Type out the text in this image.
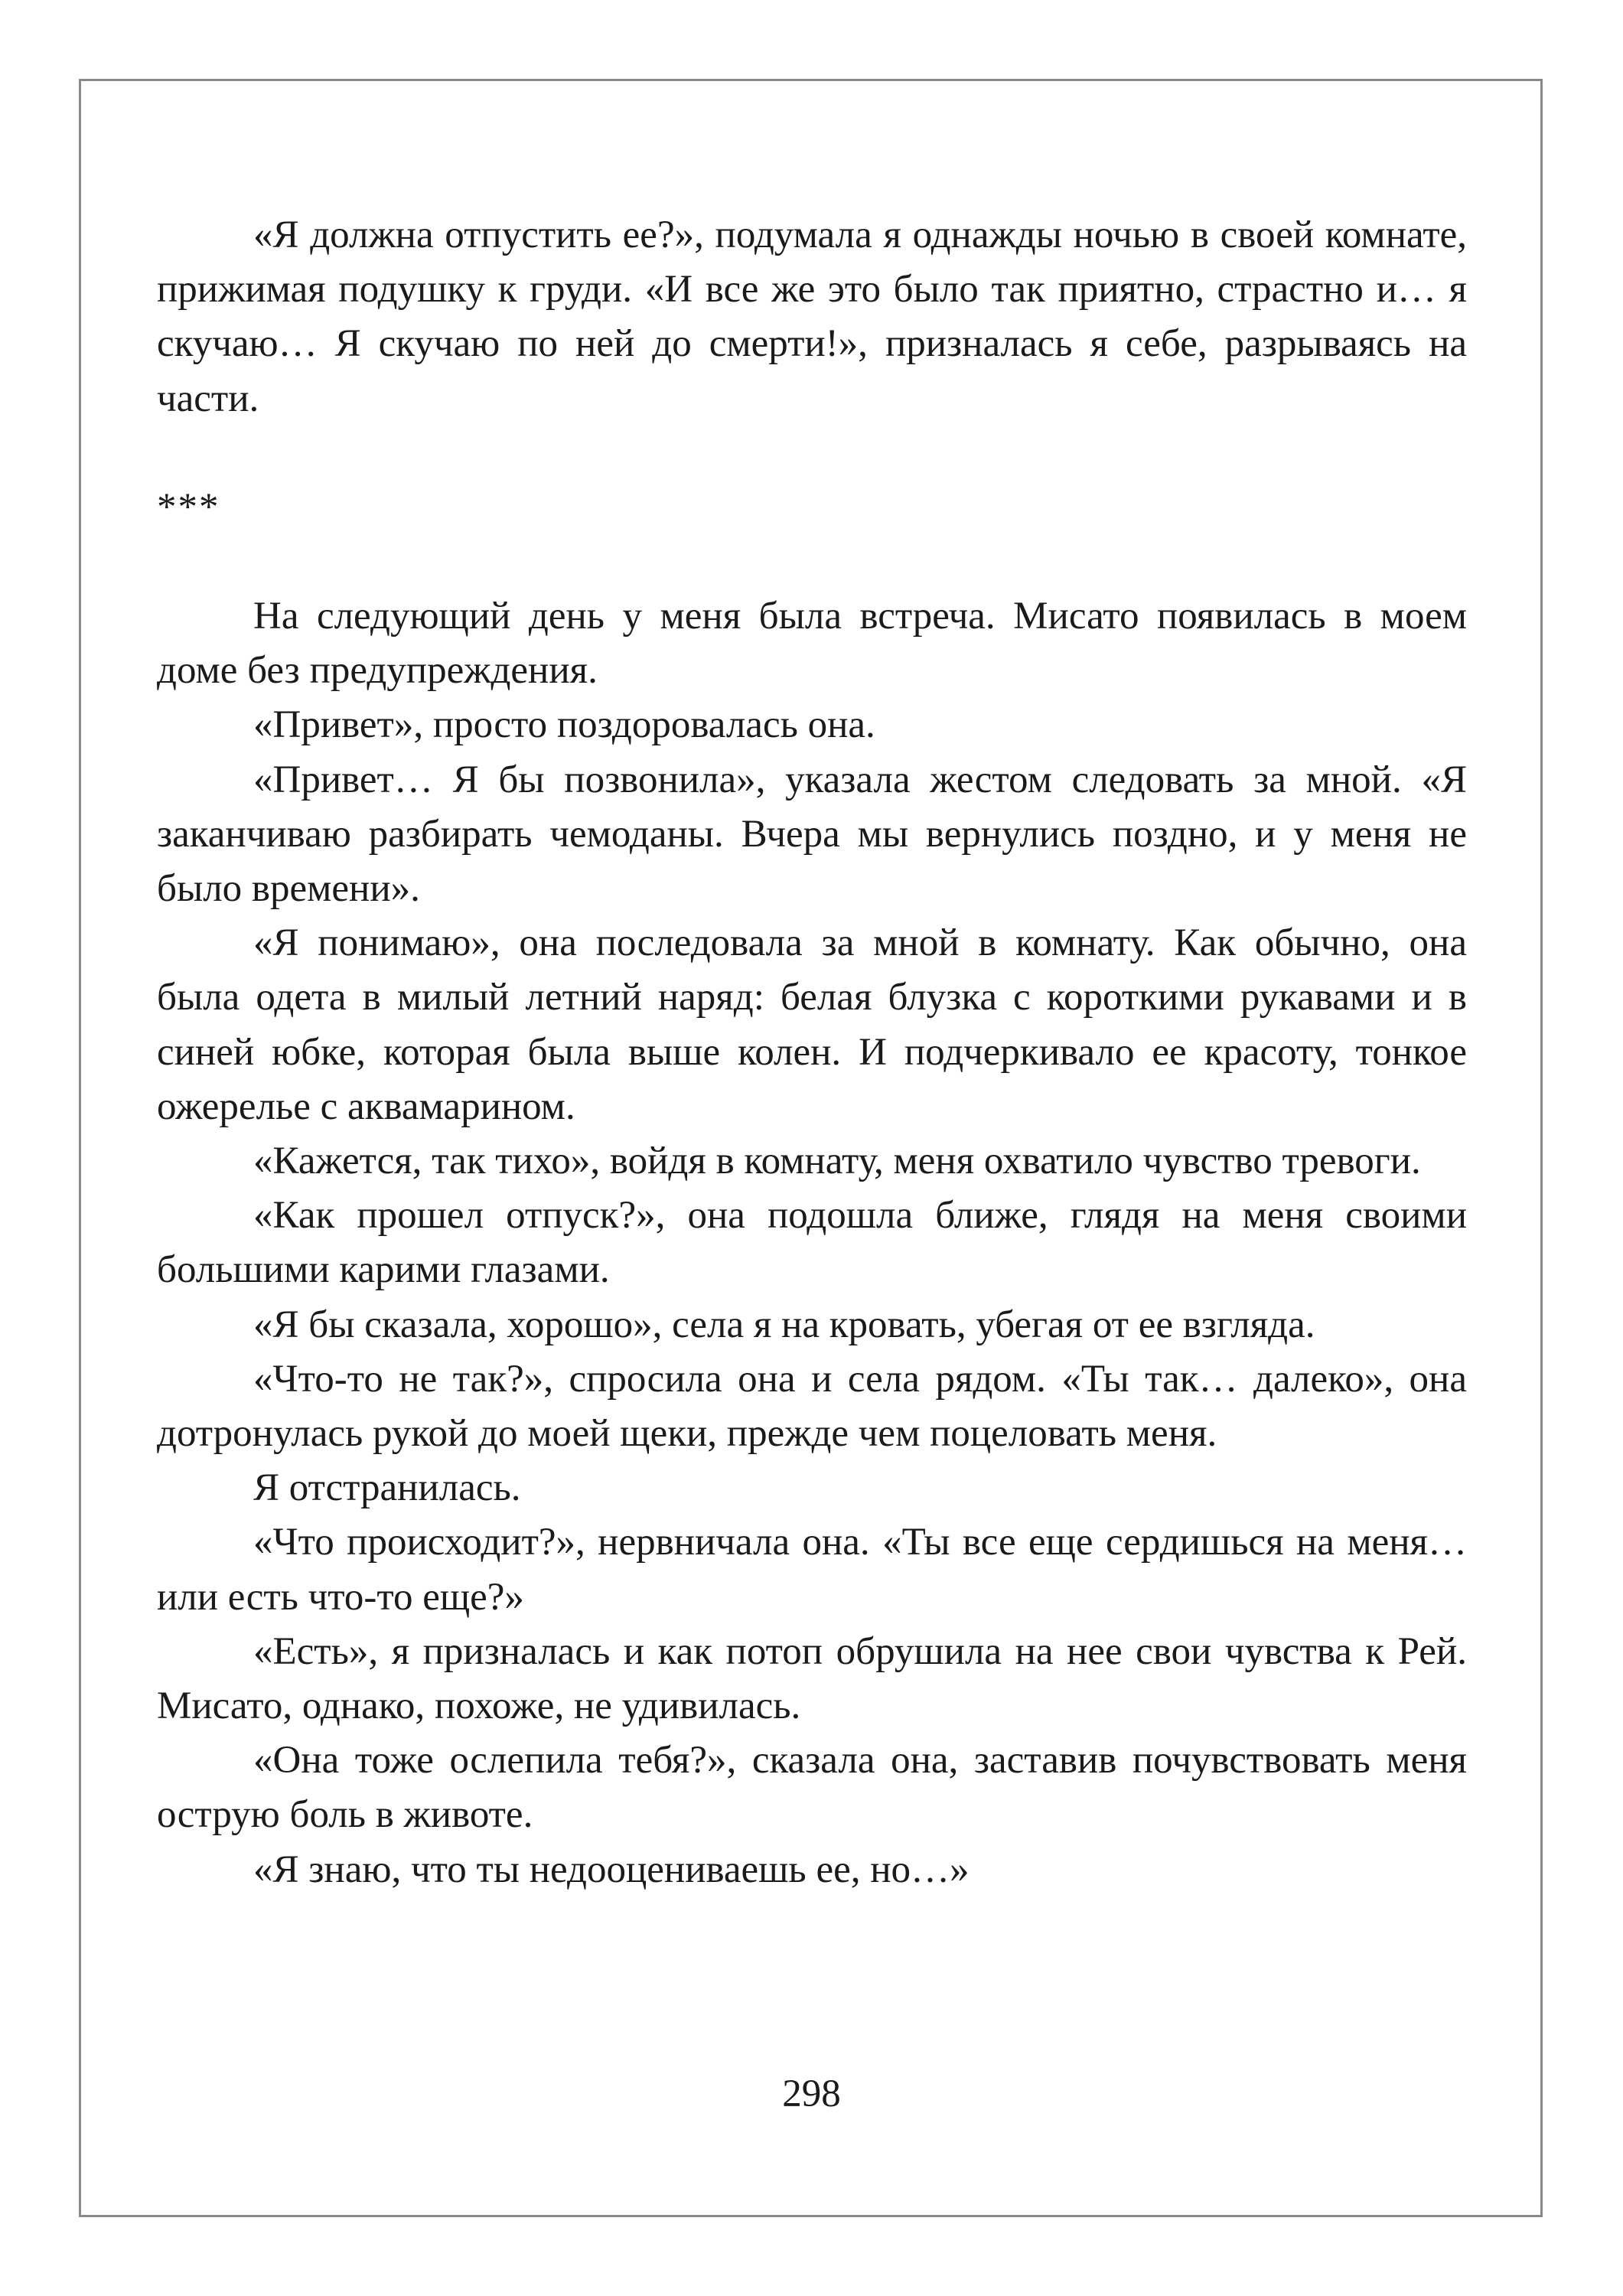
«Я должна отпустить ее?», подумала я однажды ночью в своей комнате, прижимая подушку к груди. «И все же это было так приятно, страстно и… я скучаю… Я скучаю по ней до смерти!», призналась я себе, разрываясь на части.

***

На следующий день у меня была встреча. Мисато появилась в моем доме без предупреждения.

«Привет», просто поздоровалась она.

«Привет… Я бы позвонила», указала жестом следовать за мной. «Я заканчиваю разбирать чемоданы. Вчера мы вернулись поздно, и у меня не было времени».

«Я понимаю», она последовала за мной в комнату. Как обычно, она была одета в милый летний наряд: белая блузка с короткими рукавами и в синей юбке, которая была выше колен. И подчеркивало ее красоту, тонкое ожерелье с аквамарином.

«Кажется, так тихо», войдя в комнату, меня охватило чувство тревоги.

«Как прошел отпуск?», она подошла ближе, глядя на меня своими большими карими глазами.

«Я бы сказала, хорошо», села я на кровать, убегая от ее взгляда.

«Что-то не так?», спросила она и села рядом. «Ты так… далеко», она дотронулась рукой до моей щеки, прежде чем поцеловать меня.

Я отстранилась.

«Что происходит?», нервничала она. «Ты все еще сердишься на меня… или есть что-то еще?»

«Есть», я призналась и как потоп обрушила на нее свои чувства к Рей. Мисато, однако, похоже, не удивилась.

«Она тоже ослепила тебя?», сказала она, заставив почувствовать меня острую боль в животе.

«Я знаю, что ты недооцениваешь ее, но…»

298
